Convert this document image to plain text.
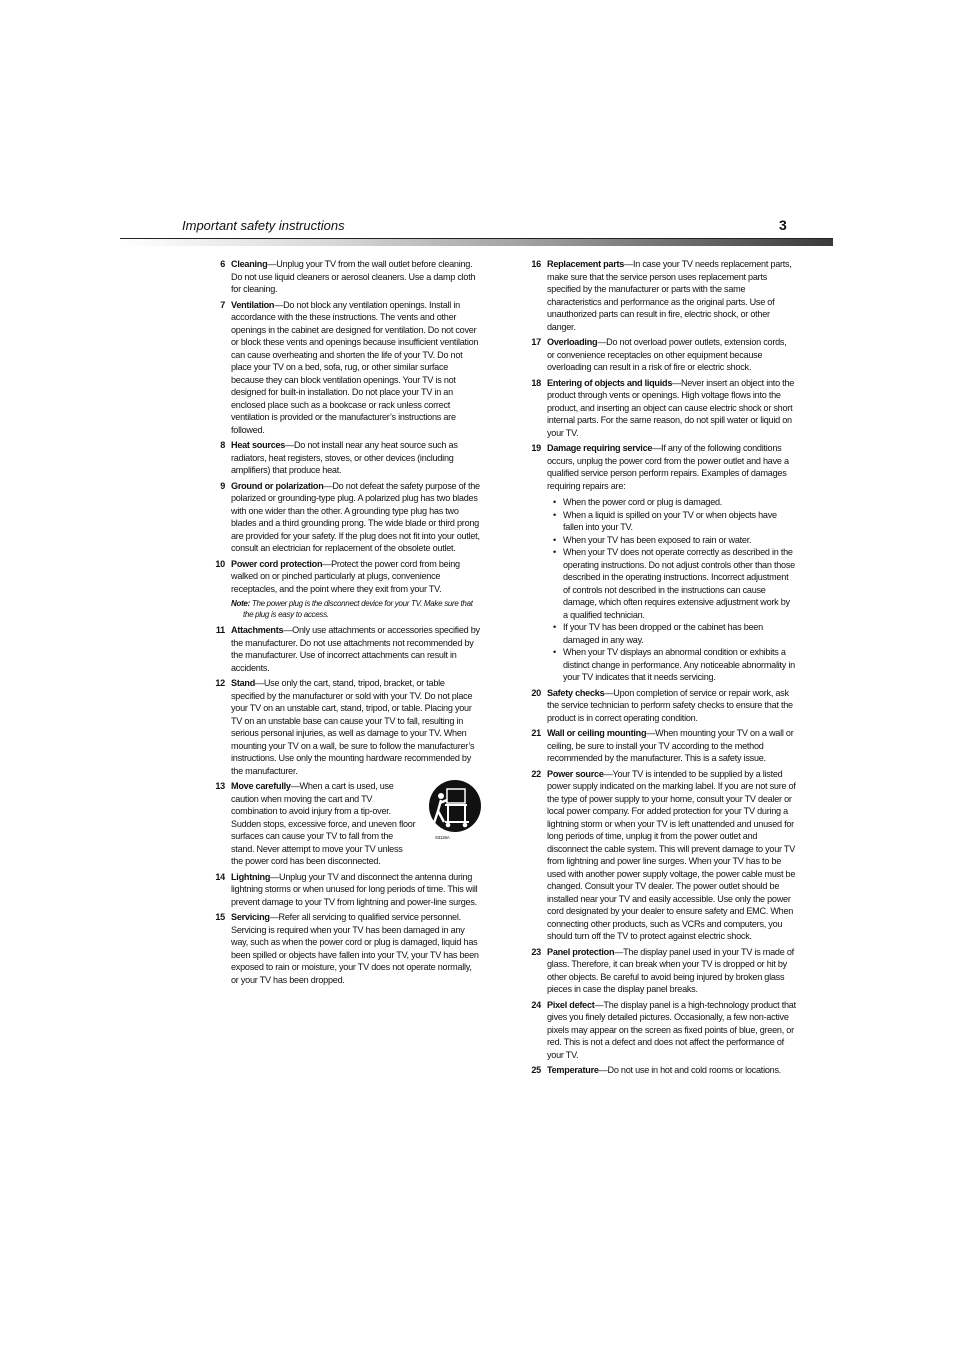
Important safety instructions	3
6 Cleaning—Unplug your TV from the wall outlet before cleaning. Do not use liquid cleaners or aerosol cleaners. Use a damp cloth for cleaning.
7 Ventilation—Do not block any ventilation openings. Install in accordance with the these instructions. The vents and other openings in the cabinet are designed for ventilation. Do not cover or block these vents and openings because insufficient ventilation can cause overheating and shorten the life of your TV. Do not place your TV on a bed, sofa, rug, or other similar surface because they can block ventilation openings. Your TV is not designed for built-in installation. Do not place your TV in an enclosed place such as a bookcase or rack unless correct ventilation is provided or the manufacturer’s instructions are followed.
8 Heat sources—Do not install near any heat source such as radiators, heat registers, stoves, or other devices (including amplifiers) that produce heat.
9 Ground or polarization—Do not defeat the safety purpose of the polarized or grounding-type plug. A polarized plug has two blades with one wider than the other. A grounding type plug has two blades and a third grounding prong. The wide blade or third prong are provided for your safety. If the plug does not fit into your outlet, consult an electrician for replacement of the obsolete outlet.
10 Power cord protection—Protect the power cord from being walked on or pinched particularly at plugs, convenience receptacles, and the point where they exit from your TV.
Note: The power plug is the disconnect device for your TV. Make sure that the plug is easy to access.
11 Attachments—Only use attachments or accessories specified by the manufacturer. Do not use attachments not recommended by the manufacturer. Use of incorrect attachments can result in accidents.
12 Stand—Use only the cart, stand, tripod, bracket, or table specified by the manufacturer or sold with your TV. Do not place your TV on an unstable cart, stand, tripod, or table. Placing your TV on an unstable base can cause your TV to fall, resulting in serious personal injuries, as well as damage to your TV. When mounting your TV on a wall, be sure to follow the manufacturer’s instructions. Use only the mounting hardware recommended by the manufacturer.
13 Move carefully—When a cart is used, use caution when moving the cart and TV combination to avoid injury from a tip-over. Sudden stops, excessive force, and uneven floor surfaces can cause your TV to fall from the stand. Never attempt to move your TV unless the power cord has been disconnected.
S3126A
14 Lightning—Unplug your TV and disconnect the antenna during lightning storms or when unused for long periods of time. This will prevent damage to your TV from lightning and power-line surges.
15 Servicing—Refer all servicing to qualified service personnel. Servicing is required when your TV has been damaged in any way, such as when the power cord or plug is damaged, liquid has been spilled or objects have fallen into your TV, your TV has been exposed to rain or moisture, your TV does not operate normally, or your TV has been dropped.
16 Replacement parts—In case your TV needs replacement parts, make sure that the service person uses replacement parts specified by the manufacturer or parts with the same characteristics and performance as the original parts. Use of unauthorized parts can result in fire, electric shock, or other danger.
17 Overloading—Do not overload power outlets, extension cords, or convenience receptacles on other equipment because overloading can result in a risk of fire or electric shock.
18 Entering of objects and liquids—Never insert an object into the product through vents or openings. High voltage flows into the product, and inserting an object can cause electric shock or short internal parts. For the same reason, do not spill water or liquid on your TV.
19 Damage requiring service—If any of the following conditions occurs, unplug the power cord from the power outlet and have a qualified service person perform repairs. Examples of damages requiring repairs are:
• When the power cord or plug is damaged.
• When a liquid is spilled on your TV or when objects have fallen into your TV.
• When your TV has been exposed to rain or water.
• When your TV does not operate correctly as described in the operating instructions. Do not adjust controls other than those described in the operating instructions. Incorrect adjustment of controls not described in the instructions can cause damage, which often requires extensive adjustment work by a qualified technician.
• If your TV has been dropped or the cabinet has been damaged in any way.
• When your TV displays an abnormal condition or exhibits a distinct change in performance. Any noticeable abnormality in your TV indicates that it needs servicing.
20 Safety checks—Upon completion of service or repair work, ask the service technician to perform safety checks to ensure that the product is in correct operating condition.
21 Wall or ceiling mounting—When mounting your TV on a wall or ceiling, be sure to install your TV according to the method recommended by the manufacturer. This is a safety issue.
22 Power source—Your TV is intended to be supplied by a listed power supply indicated on the marking label. If you are not sure of the type of power supply to your home, consult your TV dealer or local power company. For added protection for your TV during a lightning storm or when your TV is left unattended and unused for long periods of time, unplug it from the power outlet and disconnect the cable system. This will prevent damage to your TV from lightning and power line surges. When your TV has to be used with another power supply voltage, the power cable must be changed. Consult your TV dealer. The power outlet should be installed near your TV and easily accessible. Use only the power cord designated by your dealer to ensure safety and EMC. When connecting other products, such as VCRs and computers, you should turn off the TV to protect against electric shock.
23 Panel protection—The display panel used in your TV is made of glass. Therefore, it can break when your TV is dropped or hit by other objects. Be careful to avoid being injured by broken glass pieces in case the display panel breaks.
24 Pixel defect—The display panel is a high-technology product that gives you finely detailed pictures. Occasionally, a few non-active pixels may appear on the screen as fixed points of blue, green, or red. This is not a defect and does not affect the performance of your TV.
25 Temperature—Do not use in hot and cold rooms or locations.
